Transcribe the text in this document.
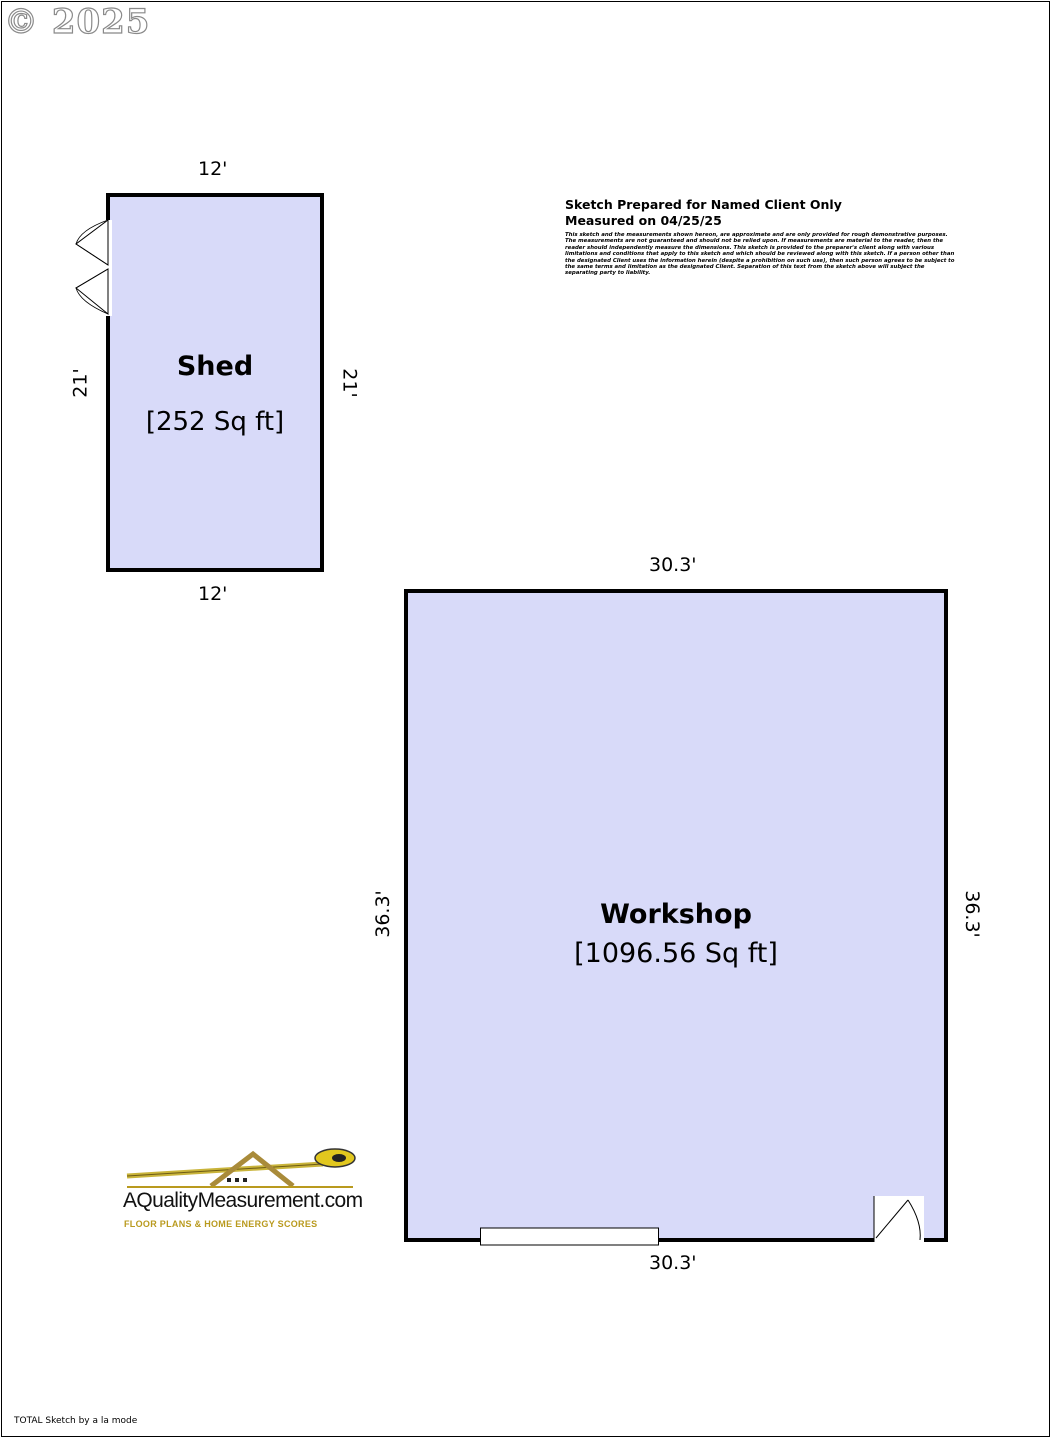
© 2025
Sketch Prepared for Named Client Only
Measured on 04/25/25
This sketch and the measurements shown hereon, are approximate and are only provided for rough demonstrative purposes. The measurements are not guaranteed and should not be relied upon. If measurements are material to the reader, then the reader should independently measure the dimensions. This sketch is provided to the preparer's client along with various limitations and conditions that apply to this sketch and which should be reviewed along with this sketch. If a person other than the designated Client uses the information herein (despite a prohibition on such use), then such person agrees to be subject to the same terms and limitation as the designated Client. Separation of this text from the sketch above will subject the separating party to liability.
12'
Shed
[252 Sq ft]
12'
21'	21'
30.3'
Workshop
[1096.56 Sq ft]
30.3'
36.3'	36.3'
AQualityMeasurement.com
FLOOR PLANS & HOME ENERGY SCORES
TOTAL Sketch by a la mode
